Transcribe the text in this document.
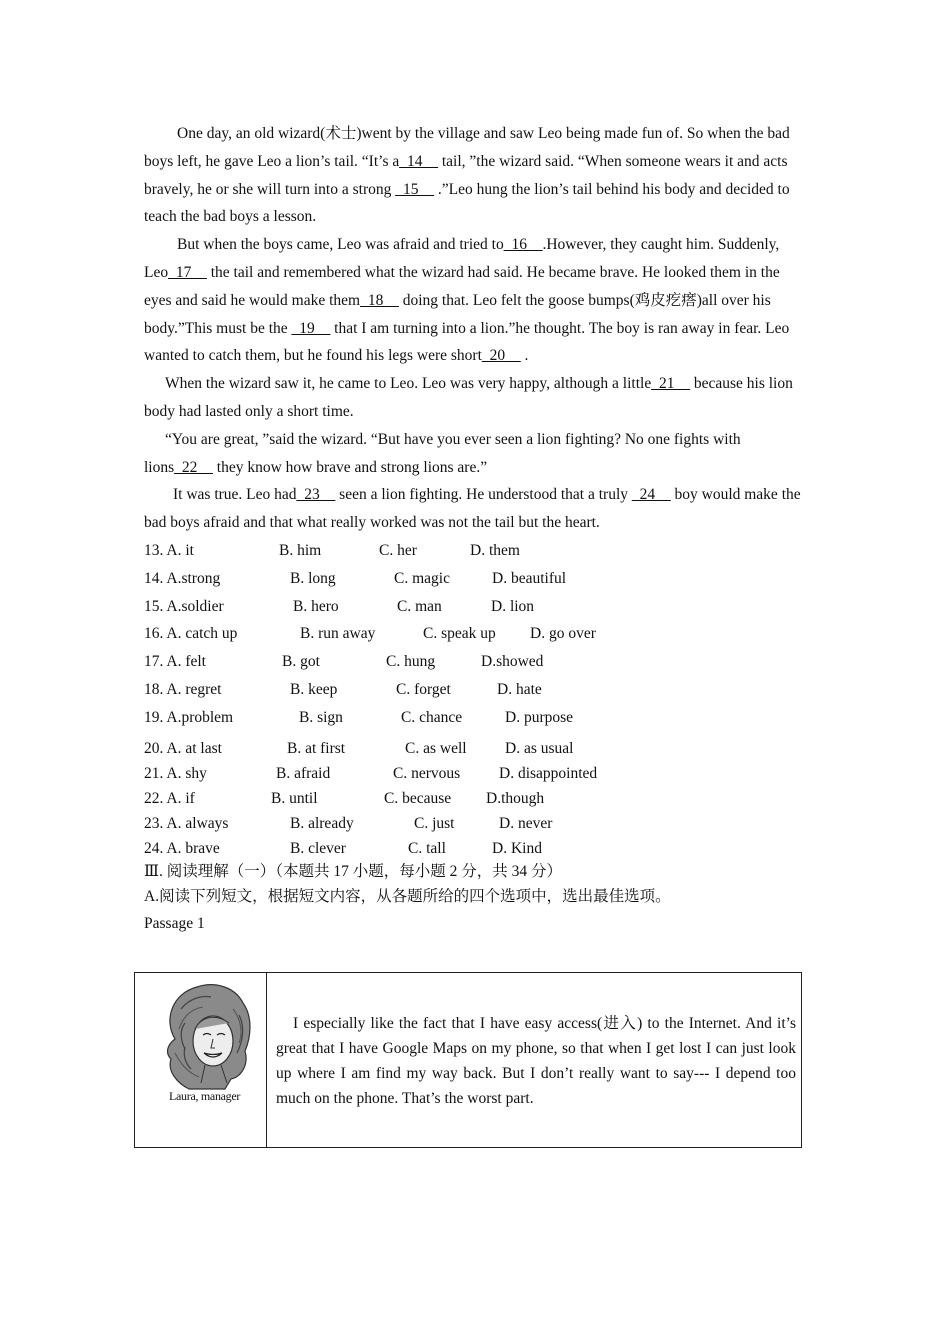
One day, an old wizard(术士)went by the village and saw Leo being made fun of. So when the bad boys left, he gave Leo a lion’s tail. “It’s a_14__ tail, ”the wizard said. “When someone wears it and acts bravely, he or she will turn into a strong _15__ .”Leo hung the lion’s tail behind his body and decided to teach the bad boys a lesson.

But when the boys came, Leo was afraid and tried to_16__.However, they caught him. Suddenly, Leo_17__ the tail and remembered what the wizard had said. He became brave. He looked them in the eyes and said he would make them_18__ doing that. Leo felt the goose bumps(鸡皮疙瘩)all over his body.”This must be the _19__ that I am turning into a lion.”he thought. The boy is ran away in fear. Leo wanted to catch them, but he found his legs were short_20__ .

When the wizard saw it, he came to Leo. Leo was very happy, although a little_21__ because his lion body had lasted only a short time.

“You are great, ”said the wizard. “But have you ever seen a lion fighting? No one fights with lions_22__ they know how brave and strong lions are.”

It was true. Leo had_23__ seen a lion fighting. He understood that a truly _24__ boy would make the bad boys afraid and that what really worked was not the tail but the heart.

13. A. it	B. him	C. her	D. them
14. A.strong	B. long	C. magic	D. beautiful
15. A.soldier	B. hero	C. man	D. lion
16. A. catch up	B. run away	C. speak up D. go over
17. A. felt	B. got	C. hung	D.showed
18. A. regret	B. keep	C. forget	D. hate
19. A.problem	B. sign	C. chance	D. purpose
20. A. at last	B. at first	C. as well D. as usual
21. A. shy	B. afraid	C. nervous	D. disappointed
22. A. if	B. until	C. because D.though
23. A. always	B. already	C. just	D. never
24. A. brave	B. clever	C. tall	D. Kind
Ⅲ. 阅读理解（一）（本题共 17 小题，每小题 2 分，共 34 分）
A.阅读下列短文，根据短文内容，从各题所给的四个选项中，选出最佳选项。
Passage 1
Laura, manager
I especially like the fact that I have easy access(进入) to the Internet. And it’s great that I have Google Maps on my phone, so that when I get lost I can just look up where I am find my way back. But I don’t really want to say--- I depend too much on the phone. That’s the worst part.
